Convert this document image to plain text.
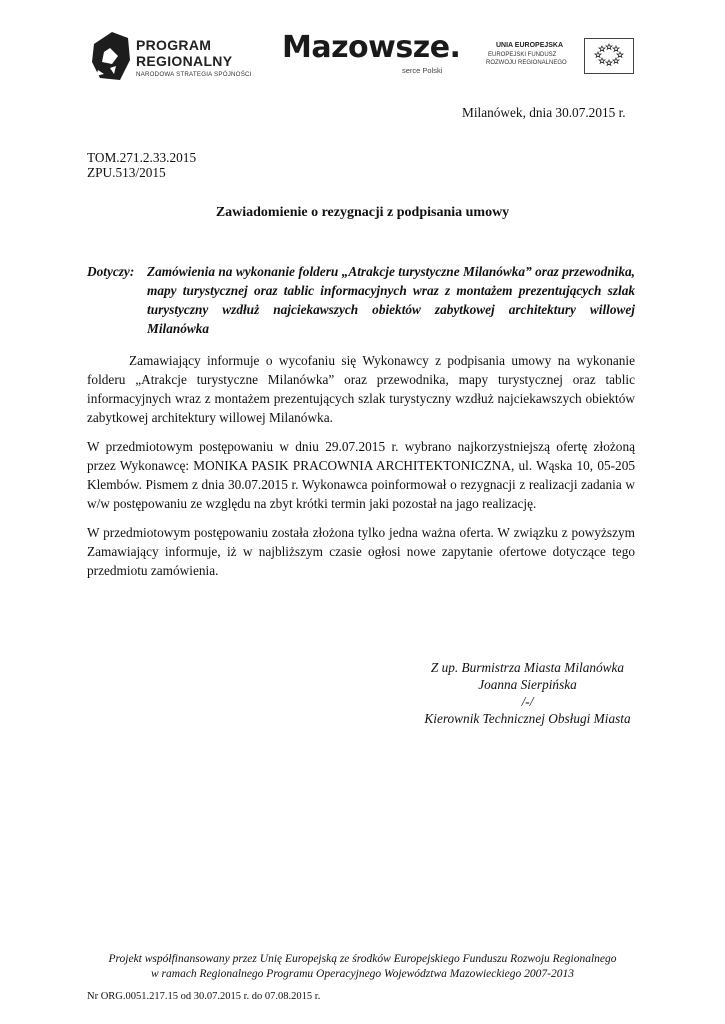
PROGRAM
REGIONALNY
NARODOWA STRATEGIA SPÓJNOŚCI
Mazowsze.
serce Polski
UNIA EUROPEJSKA
EUROPEJSKI FUNDUSZ
ROZWOJU REGIONALNEGO
Milanówek, dnia 30.07.2015 r.
TOM.271.2.33.2015
ZPU.513/2015
Zawiadomienie o rezygnacji z podpisania umowy
Dotyczy: Zamówienia na wykonanie folderu „Atrakcje turystyczne Milanówka” oraz przewodnika, mapy turystycznej oraz tablic informacyjnych wraz z montażem prezentujących szlak turystyczny wzdłuż najciekawszych obiektów zabytkowej architektury willowej Milanówka
Zamawiający informuje o wycofaniu się Wykonawcy z podpisania umowy na wykonanie folderu „Atrakcje turystyczne Milanówka” oraz przewodnika, mapy turystycznej oraz tablic informacyjnych wraz z montażem prezentujących szlak turystyczny wzdłuż najciekawszych obiektów zabytkowej architektury willowej Milanówka.
W przedmiotowym postępowaniu w dniu 29.07.2015 r. wybrano najkorzystniejszą ofertę złożoną przez Wykonawcę: MONIKA PASIK PRACOWNIA ARCHITEKTONICZNA, ul. Wąska 10, 05-205 Klembów. Pismem z dnia 30.07.2015 r. Wykonawca poinformował o rezygnacji z realizacji zadania w w/w postępowaniu ze względu na zbyt krótki termin jaki pozostał na jago realizację.
W przedmiotowym postępowaniu została złożona tylko jedna ważna oferta. W związku z powyższym Zamawiający informuje, iż w najbliższym czasie ogłosi nowe zapytanie ofertowe dotyczące tego przedmiotu zamówienia.
Z up. Burmistrza Miasta Milanówka
Joanna Sierpińska
/-/
Kierownik Technicznej Obsługi Miasta
Projekt współfinansowany przez Unię Europejską ze środków Europejskiego Funduszu Rozwoju Regionalnego
w ramach Regionalnego Programu Operacyjnego Województwa Mazowieckiego 2007-2013
Nr ORG.0051.217.15 od 30.07.2015 r. do 07.08.2015 r.
